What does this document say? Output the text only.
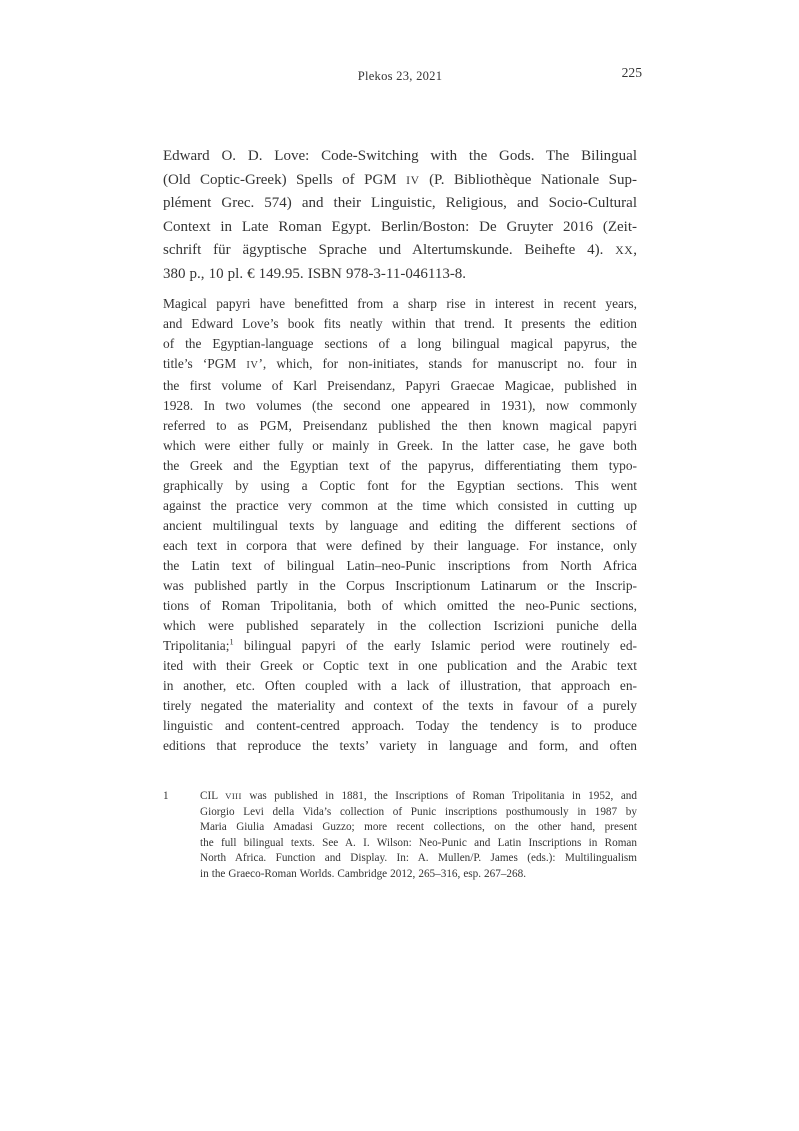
Plekos 23, 2021	225
Edward O. D. Love: Code-Switching with the Gods. The Bilingual
(Old Coptic-Greek) Spells of PGM IV (P. Bibliothèque Nationale Sup-
plément Grec. 574) and their Linguistic, Religious, and Socio-Cultural
Context in Late Roman Egypt. Berlin/Boston: De Gruyter 2016 (Zeit-
schrift für ägyptische Sprache und Altertumskunde. Beihefte 4). XX,
380 p., 10 pl. € 149.95. ISBN 978-3-11-046113-8.
Magical papyri have benefitted from a sharp rise in interest in recent years,
and Edward Love’s book fits neatly within that trend. It presents the edition
of the Egyptian-language sections of a long bilingual magical papyrus, the
title’s ‘PGM IV’, which, for non-initiates, stands for manuscript no. four in
the first volume of Karl Preisendanz, Papyri Graecae Magicae, published in
1928. In two volumes (the second one appeared in 1931), now commonly
referred to as PGM, Preisendanz published the then known magical papyri
which were either fully or mainly in Greek. In the latter case, he gave both
the Greek and the Egyptian text of the papyrus, differentiating them typo-
graphically by using a Coptic font for the Egyptian sections. This went
against the practice very common at the time which consisted in cutting up
ancient multilingual texts by language and editing the different sections of
each text in corpora that were defined by their language. For instance, only
the Latin text of bilingual Latin–neo-Punic inscriptions from North Africa
was published partly in the Corpus Inscriptionum Latinarum or the Inscrip-
tions of Roman Tripolitania, both of which omitted the neo-Punic sections,
which were published separately in the collection Iscrizioni puniche della
Tripolitania;$^1$ bilingual papyri of the early Islamic period were routinely ed-
ited with their Greek or Coptic text in one publication and the Arabic text
in another, etc. Often coupled with a lack of illustration, that approach en-
tirely negated the materiality and context of the texts in favour of a purely
linguistic and content-centred approach. Today the tendency is to produce
editions that reproduce the texts’ variety in language and form, and often
1	CIL VIII was published in 1881, the Inscriptions of Roman Tripolitania in 1952, and
Giorgio Levi della Vida’s collection of Punic inscriptions posthumously in 1987 by
Maria Giulia Amadasi Guzzo; more recent collections, on the other hand, present
the full bilingual texts. See A. I. Wilson: Neo-Punic and Latin Inscriptions in Roman
North Africa. Function and Display. In: A. Mullen/P. James (eds.): Multilingualism
in the Graeco-Roman Worlds. Cambridge 2012, 265–316, esp. 267–268.
